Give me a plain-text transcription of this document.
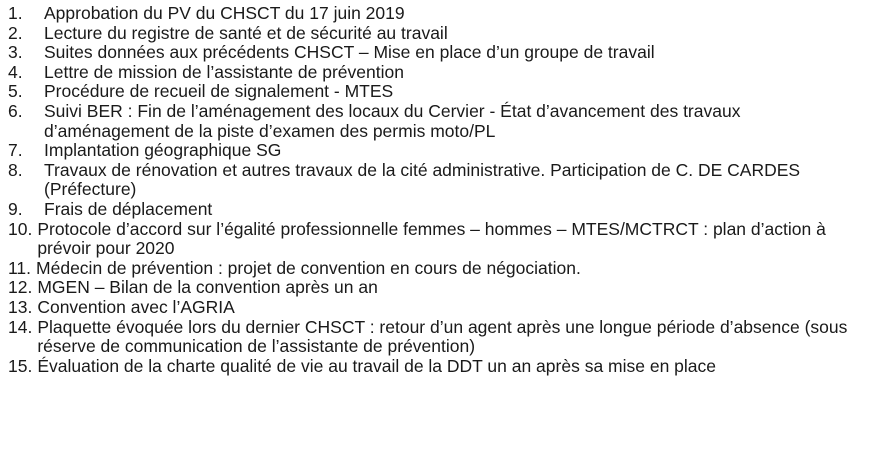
1.	Approbation du PV du CHSCT du 17 juin 2019
2.	Lecture du registre de santé et de sécurité au travail
3.	Suites données aux précédents CHSCT – Mise en place d’un groupe de travail
4.	Lettre de mission de l’assistante de prévention
5.	Procédure de recueil de signalement - MTES
6.	Suivi BER : Fin de l’aménagement des locaux du Cervier - État d’avancement des travaux d’aménagement de la piste d’examen des permis moto/PL
7.	Implantation géographique SG
8.	Travaux de rénovation et autres travaux de la cité administrative. Participation de C. DE CARDES (Préfecture)
9.	Frais de déplacement
10. Protocole d’accord sur l’égalité professionnelle femmes – hommes – MTES/MCTRCT : plan d’action à prévoir pour 2020
11. Médecin de prévention : projet de convention en cours de négociation.
12. MGEN – Bilan de la convention après un an
13. Convention avec l’AGRIA
14. Plaquette évoquée lors du dernier CHSCT : retour d’un agent après une longue période d’absence (sous réserve de communication de l’assistante de prévention)
15. Évaluation de la charte qualité de vie au travail de la DDT un an après sa mise en place
